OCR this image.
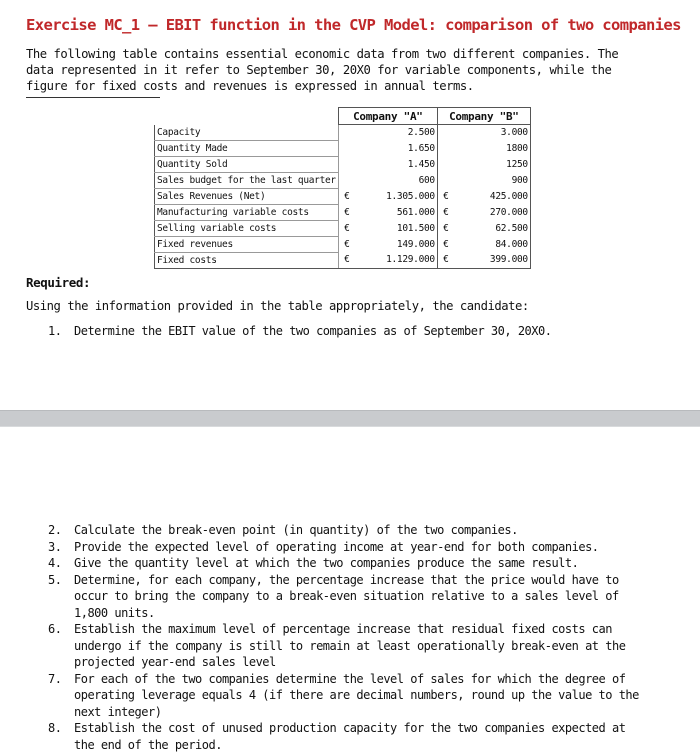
Exercise MC_1 – EBIT function in the CVP Model: comparison of two companies
The following table contains essential economic data from two different companies. The data represented in it refer to September 30, 20X0 for variable components, while the figure for fixed costs and revenues is expressed in annual terms.
	Company "A"		Company "B"	
Capacity		2.500		3.000
Quantity Made		1.650		1800
Quantity Sold		1.450		1250
Sales budget for the last quarter		600		900
Sales Revenues (Net)	€	1.305.000	€	425.000
Manufacturing variable costs	€	561.000	€	270.000
Selling variable costs	€	101.500	€	62.500
Fixed revenues	€	149.000	€	84.000
Fixed costs	€	1.129.000	€	399.000
Required:
Using the information provided in the table appropriately, the candidate:
1. Determine the EBIT value of the two companies as of September 30, 20X0.
2. Calculate the break-even point (in quantity) of the two companies.
3. Provide the expected level of operating income at year-end for both companies.
4. Give the quantity level at which the two companies produce the same result.
5. Determine, for each company, the percentage increase that the price would have to occur to bring the company to a break-even situation relative to a sales level of 1,800 units.
6. Establish the maximum level of percentage increase that residual fixed costs can undergo if the company is still to remain at least operationally break-even at the projected year-end sales level
7. For each of the two companies determine the level of sales for which the degree of operating leverage equals 4 (if there are decimal numbers, round up the value to the next integer)
8. Establish the cost of unused production capacity for the two companies expected at the end of the period.
